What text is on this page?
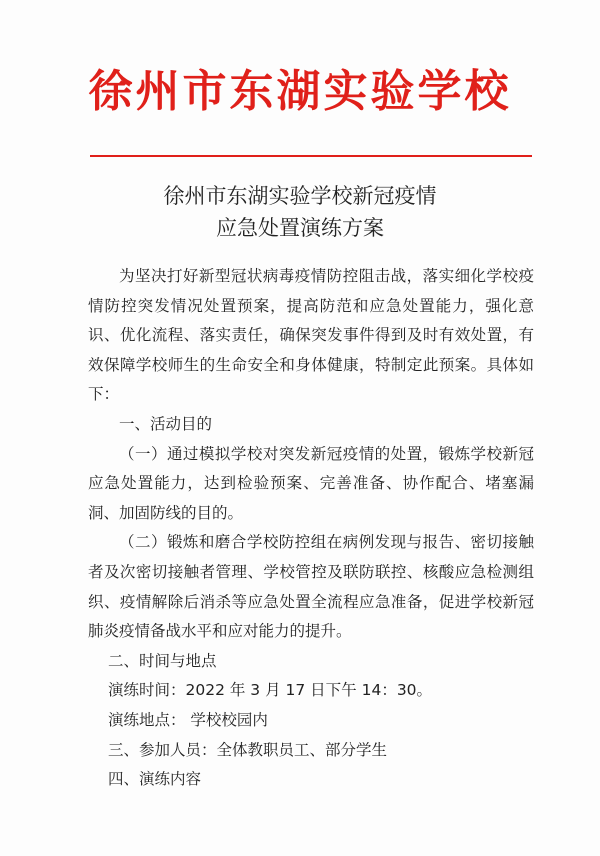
徐州市东湖实验学校
徐州市东湖实验学校新冠疫情
应急处置演练方案

为坚决打好新型冠状病毒疫情防控阻击战，落实细化学校疫情防控突发情况处置预案，提高防范和应急处置能力，强化意识、优化流程、落实责任，确保突发事件得到及时有效处置，有效保障学校师生的生命安全和身体健康，特制定此预案。具体如下：

一、活动目的

（一）通过模拟学校对突发新冠疫情的处置，锻炼学校新冠应急处置能力，达到检验预案、完善准备、协作配合、堵塞漏洞、加固防线的目的。

（二）锻炼和磨合学校防控组在病例发现与报告、密切接触者及次密切接触者管理、学校管控及联防联控、核酸应急检测组织、疫情解除后消杀等应急处置全流程应急准备，促进学校新冠肺炎疫情备战水平和应对能力的提升。

二、时间与地点

演练时间：2022 年 3 月 17 日下午 14：30。

演练地点： 学校校园内

三、参加人员：全体教职员工、部分学生

四、演练内容
